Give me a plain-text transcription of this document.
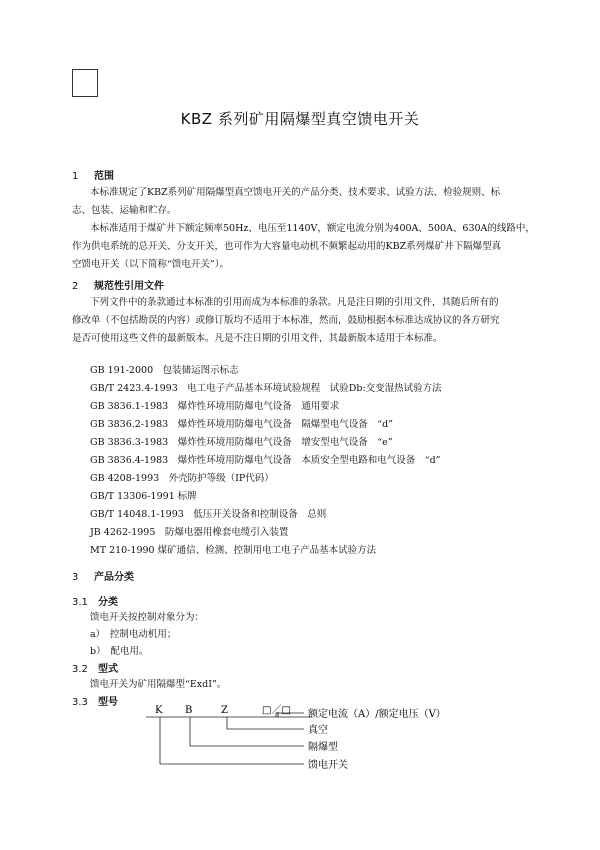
KBZ 系列矿用隔爆型真空馈电开关
1 范围
本标准规定了KBZ系列矿用隔爆型真空馈电开关的产品分类、技术要求、试验方法、检验规则、标
志、包装、运输和贮存。
本标准适用于煤矿井下额定频率50Hz、电压至1140V，额定电流分别为400A、500A、630A的线路中，
作为供电系统的总开关、分支开关，也可作为大容量电动机不频繁起动用的KBZ系列煤矿井下隔爆型真
空馈电开关（以下简称“馈电开关”）。
2 规范性引用文件
下列文件中的条款通过本标准的引用而成为本标准的条款。凡是注日期的引用文件，其随后所有的
修改单（不包括勘误的内容）或修订版均不适用于本标准，然而，鼓励根据本标准达成协议的各方研究
是否可使用这些文件的最新版本。凡是不注日期的引用文件，其最新版本适用于本标准。
GB 191-2000　包装储运图示标志
GB/T 2423.4-1993　电工电子产品基本环境试验规程　试验Db:交变湿热试验方法
GB 3836.1-1983　爆炸性环境用防爆电气设备　通用要求
GB 3836.2-1983　爆炸性环境用防爆电气设备　隔爆型电气设备　“d”
GB 3836.3-1983　爆炸性环境用防爆电气设备　增安型电气设备　“e”
GB 3836.4-1983　爆炸性环境用防爆电气设备　本质安全型电路和电气设备　“d”
GB 4208-1993　外壳防护等级（IP代码）
GB/T 13306-1991 标牌
GB/T 14048.1-1993　低压开关设备和控制设备　总则
JB 4262-1995　防爆电器用橡套电缆引入装置
MT 210-1990 煤矿通信、检测、控制用电工电子产品基本试验方法
3 产品分类
3.1 分类
馈电开关按控制对象分为：
a）　控制电动机用；
b）　配电用。
3.2 型式
馈电开关为矿用隔爆型“ExdⅠ”。
3.3 型号
K B	Z	□／□ 额定电流（A）/额定电压（V）
真空
隔爆型
馈电开关
